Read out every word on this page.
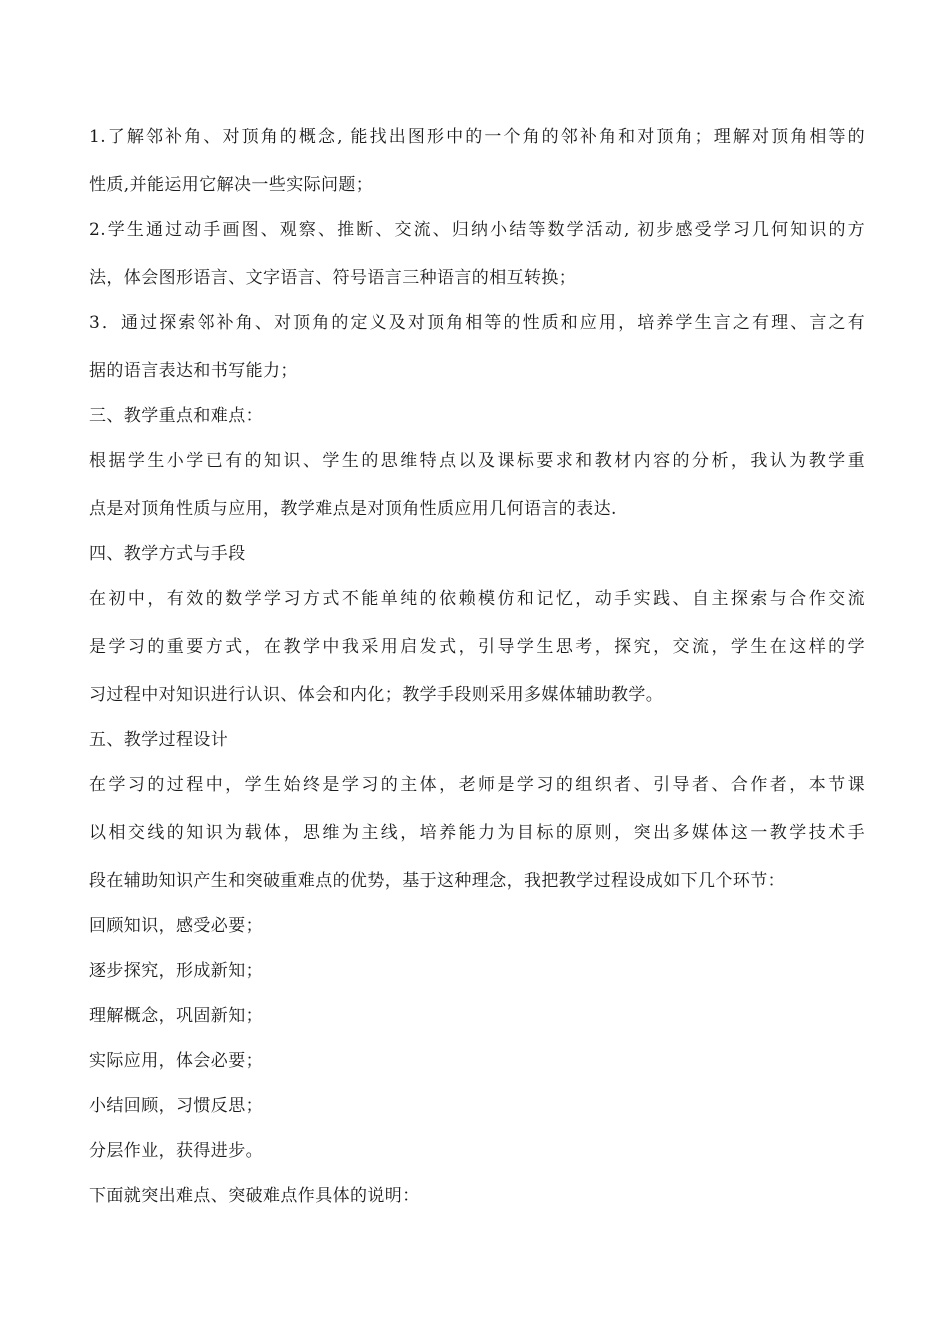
1.了解邻补角、对顶角的概念, 能找出图形中的一个角的邻补角和对顶角；理解对顶角相等的
性质,并能运用它解决一些实际问题；
2.学生通过动手画图、观察、推断、交流、归纳小结等数学活动, 初步感受学习几何知识的方
法，体会图形语言、文字语言、符号语言三种语言的相互转换；
3．通过探索邻补角、对顶角的定义及对顶角相等的性质和应用，培养学生言之有理、言之有
据的语言表达和书写能力；
三、教学重点和难点：
根据学生小学已有的知识、学生的思维特点以及课标要求和教材内容的分析，我认为教学重
点是对顶角性质与应用，教学难点是对顶角性质应用几何语言的表达.
四、教学方式与手段
在初中，有效的数学学习方式不能单纯的依赖模仿和记忆，动手实践、自主探索与合作交流
是学习的重要方式，在教学中我采用启发式，引导学生思考，探究，交流，学生在这样的学
习过程中对知识进行认识、体会和内化；教学手段则采用多媒体辅助教学。
五、教学过程设计
在学习的过程中，学生始终是学习的主体，老师是学习的组织者、引导者、合作者，本节课
以相交线的知识为载体，思维为主线，培养能力为目标的原则，突出多媒体这一教学技术手
段在辅助知识产生和突破重难点的优势，基于这种理念，我把教学过程设成如下几个环节：
回顾知识，感受必要；
逐步探究，形成新知；
理解概念，巩固新知；
实际应用，体会必要；
小结回顾，习惯反思；
分层作业，获得进步。
下面就突出难点、突破难点作具体的说明：
